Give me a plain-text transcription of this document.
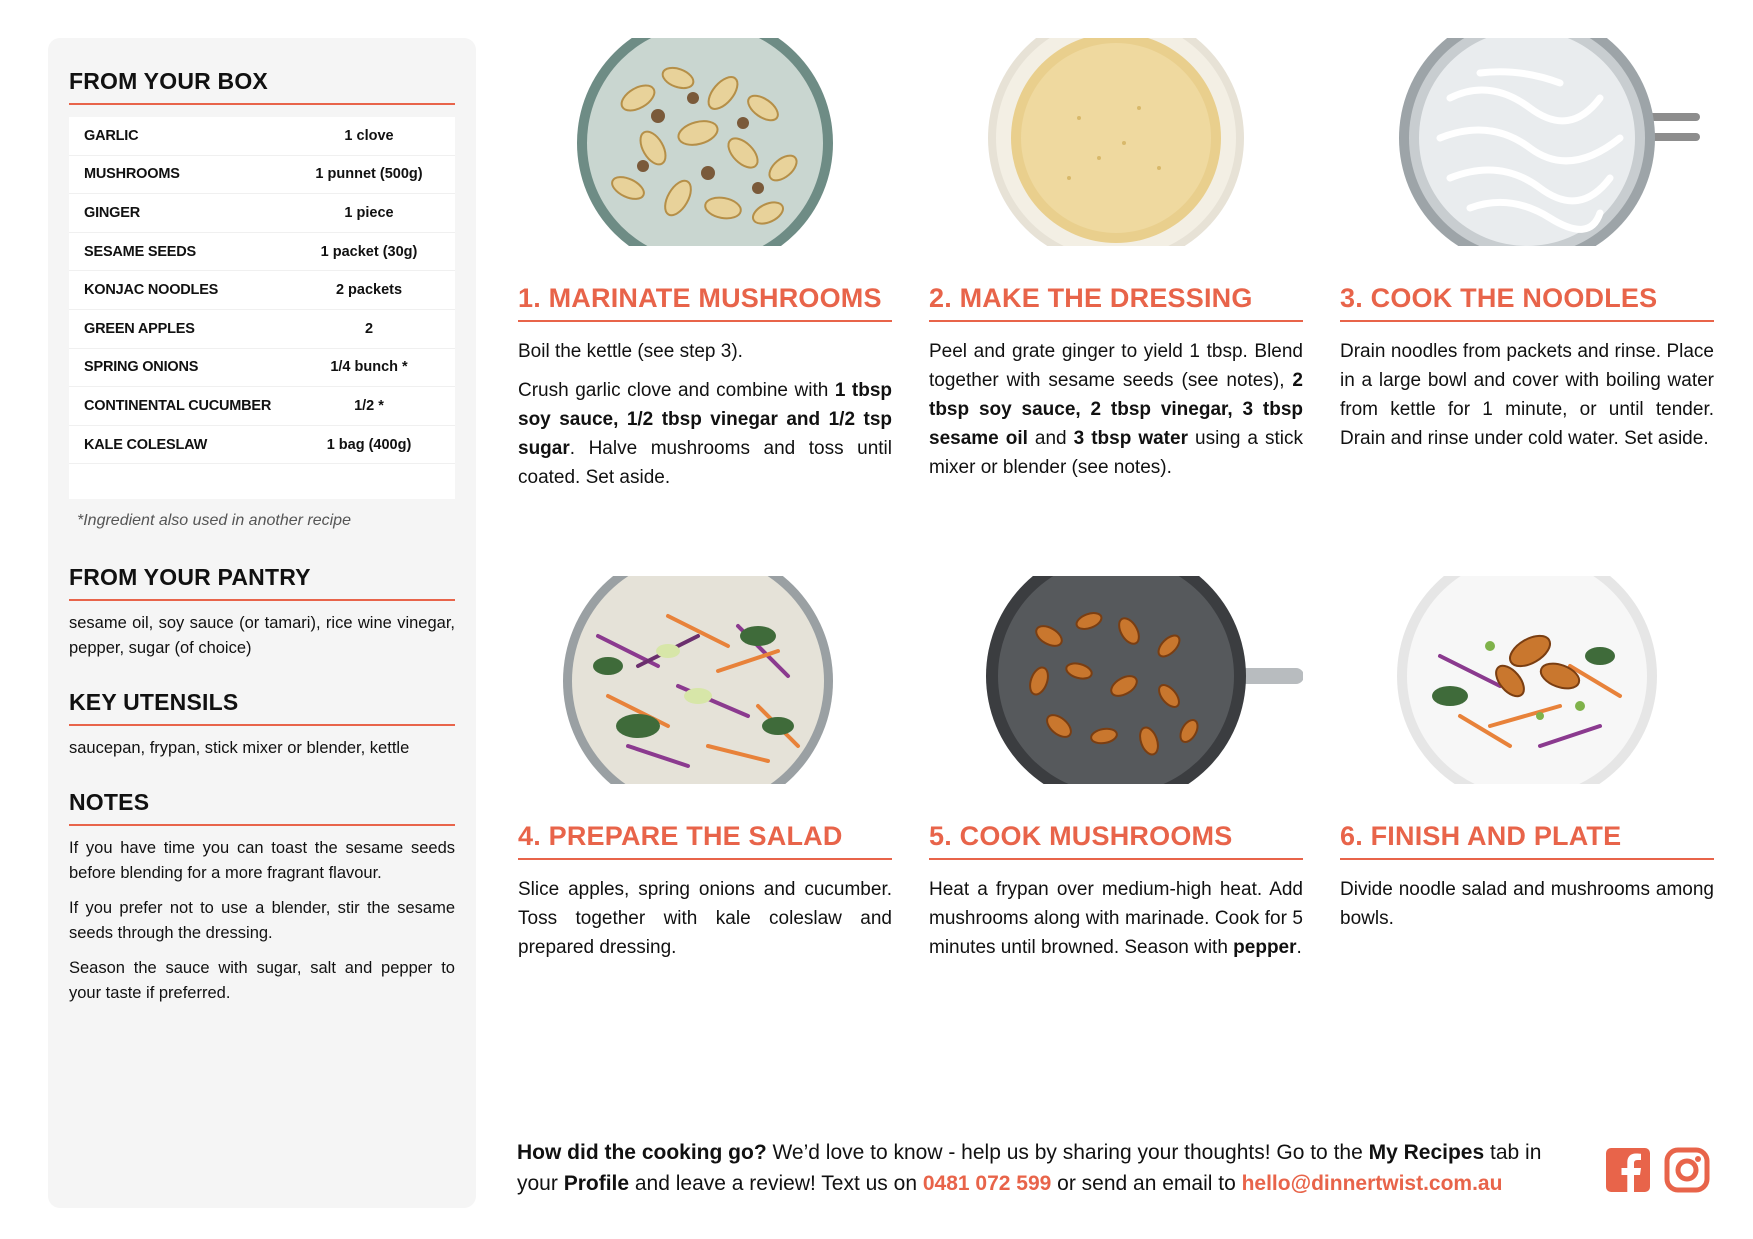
FROM YOUR BOX
GARLIC	1 clove
MUSHROOMS	1 punnet (500g)
GINGER	1 piece
SESAME SEEDS	1 packet (30g)
KONJAC NOODLES	2 packets
GREEN APPLES	2
SPRING ONIONS	1/4 bunch *
CONTINENTAL CUCUMBER	1/2 *
KALE COLESLAW	1 bag (400g)
*Ingredient also used in another recipe
FROM YOUR PANTRY

sesame oil, soy sauce (or tamari), rice wine vinegar, pepper, sugar (of choice)

KEY UTENSILS

saucepan, frypan, stick mixer or blender, kettle

NOTES

If you have time you can toast the sesame seeds before blending for a more fragrant flavour.

If you prefer not to use a blender, stir the sesame seeds through the dressing.

Season the sauce with sugar, salt and pepper to your taste if preferred.

1. MARINATE MUSHROOMS

Boil the kettle (see step 3).

Crush garlic clove and combine with 1 tbsp soy sauce, 1/2 tbsp vinegar and 1/2 tsp sugar. Halve mushrooms and toss until coated. Set aside.

2. MAKE THE DRESSING

Peel and grate ginger to yield 1 tbsp. Blend together with sesame seeds (see notes), 2 tbsp soy sauce, 2 tbsp vinegar, 3 tbsp sesame oil and 3 tbsp water using a stick mixer or blender (see notes).

3. COOK THE NOODLES

Drain noodles from packets and rinse. Place in a large bowl and cover with boiling water from kettle for 1 minute, or until tender. Drain and rinse under cold water. Set aside.

4. PREPARE THE SALAD

Slice apples, spring onions and cucumber. Toss together with kale coleslaw and prepared dressing.

5. COOK MUSHROOMS

Heat a frypan over medium-high heat. Add mushrooms along with marinade. Cook for 5 minutes until browned. Season with pepper.

6. FINISH AND PLATE

Divide noodle salad and mushrooms among bowls.

How did the cooking go? We’d love to know - help us by sharing your thoughts! Go to the My Recipes tab in your Profile and leave a review! Text us on 0481 072 599 or send an email to hello@dinnertwist.com.au
